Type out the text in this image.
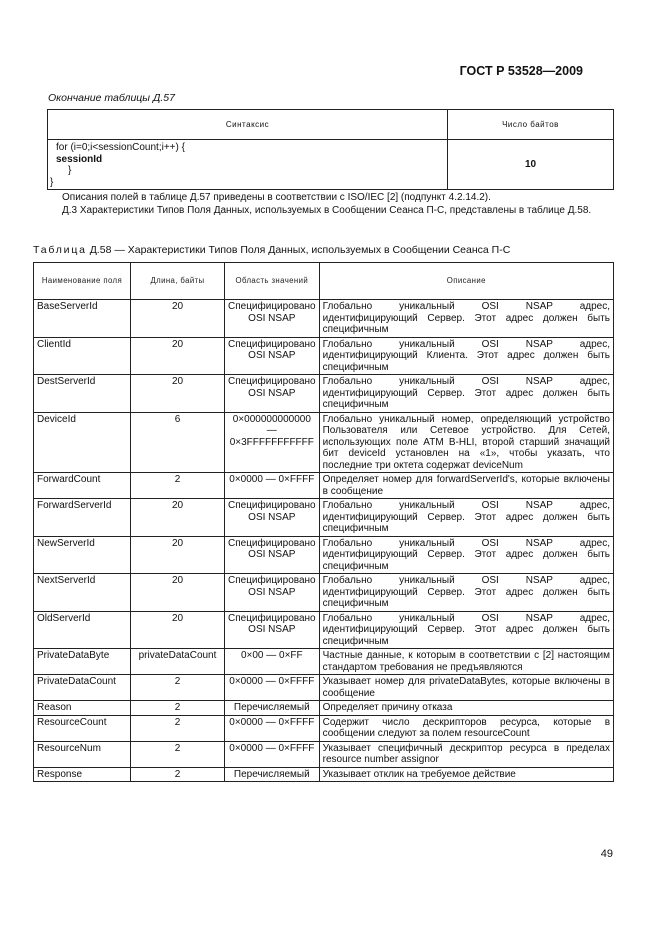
ГОСТ Р 53528—2009
Окончание таблицы Д.57
Синтаксис	Число байтов

for (i=0;i<sessionCount;i++) {
sessionId
}
}	10
Описания полей в таблице Д.57 приведены в соответствии с ISO/IEC [2] (подпункт 4.2.14.2).
Д.3 Характеристики Типов Поля Данных, используемых в Сообщении Сеанса П-С, представлены в таблице Д.58.
Таблица Д.58 — Характеристики Типов Поля Данных, используемых в Сообщении Сеанса П-С
Наименование поля	Длина, байты	Область значений	Описание
BaseServerId	20	Специфицировано OSI NSAP	Глобально уникальный OSI NSAP адрес, идентифицирующий Сервер. Этот адрес должен быть специфичным
ClientId	20	Специфицировано OSI NSAP	Глобально уникальный OSI NSAP адрес, идентифицирующий Клиента. Этот адрес должен быть специфичным
DestServerId	20	Специфицировано OSI NSAP	Глобально уникальный OSI NSAP адрес, идентифицирующий Сервер. Этот адрес должен быть специфичным
DeviceId	6	0×000000000000 — 0×3FFFFFFFFFFF	Глобально уникальный номер, определяющий устройство Пользователя или Сетевое устройство. Для Сетей, использующих поле ATM B-HLI, второй старший значащий бит deviceId установлен на «1», чтобы указать, что последние три октета содержат deviceNum
ForwardCount	2	0×0000 — 0×FFFF	Определяет номер для forwardServerId's, которые включены в сообщение
ForwardServerId	20	Специфицировано OSI NSAP	Глобально уникальный OSI NSAP адрес, идентифицирующий Сервер. Этот адрес должен быть специфичным
NewServerId	20	Специфицировано OSI NSAP	Глобально уникальный OSI NSAP адрес, идентифицирующий Сервер. Этот адрес должен быть специфичным
NextServerId	20	Специфицировано OSI NSAP	Глобально уникальный OSI NSAP адрес, идентифицирующий Сервер. Этот адрес должен быть специфичным
OldServerId	20	Специфицировано OSI NSAP	Глобально уникальный OSI NSAP адрес, идентифицирующий Сервер. Этот адрес должен быть специфичным
PrivateDataByte	privateDataCount	0×00 — 0×FF	Частные данные, к которым в соответствии с [2] настоящим стандартом требования не предъявляются
PrivateDataCount	2	0×0000 — 0×FFFF	Указывает номер для privateDataBytes, которые включены в сообщение
Reason	2	Перечисляемый	Определяет причину отказа
ResourceCount	2	0×0000 — 0×FFFF	Содержит число дескрипторов ресурса, которые в сообщении следуют за полем resourceCount
ResourceNum	2	0×0000 — 0×FFFF	Указывает специфичный дескриптор ресурса в пределах resource number assignor
Response	2	Перечисляемый	Указывает отклик на требуемое действие
49
